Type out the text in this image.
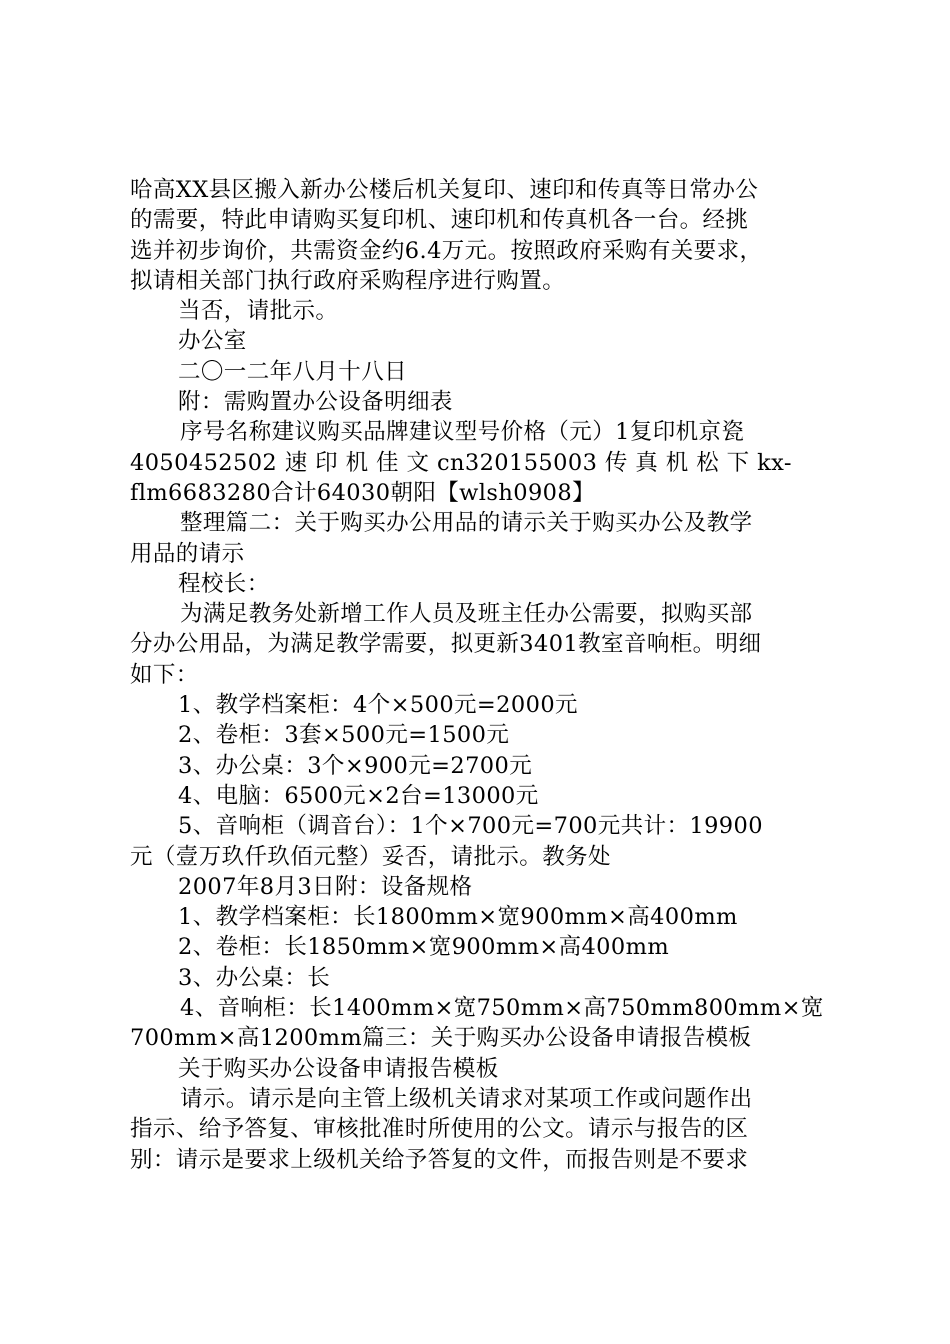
哈高XX县区搬入新办公楼后机关复印、速印和传真等日常办公
的需要，特此申请购买复印机、速印机和传真机各一台。经挑
选并初步询价，共需资金约6.4万元。按照政府采购有关要求，
拟请相关部门执行政府采购程序进行购置。
当否，请批示。
办公室
二〇一二年八月十八日
附：需购置办公设备明细表
序号名称建议购买品牌建议型号价格（元）1复印机京瓷
4050452502 速 印 机 佳 文 cn320155003 传 真 机 松 下 kx-
flm6683280合计64030朝阳【wlsh0908】
整理篇二：关于购买办公用品的请示关于购买办公及教学
用品的请示
程校长：
为满足教务处新增工作人员及班主任办公需要，拟购买部
分办公用品，为满足教学需要，拟更新3401教室音响柜。明细
如下：
1、教学档案柜：4个×500元=2000元
2、卷柜：3套×500元=1500元
3、办公桌：3个×900元=2700元
4、电脑：6500元×2台=13000元
5、音响柜（调音台）：1个×700元=700元共计：19900
元（壹万玖仟玖佰元整）妥否，请批示。教务处
2007年8月3日附：设备规格
1、教学档案柜：长1800mm×宽900mm×高400mm
2、卷柜：长1850mm×宽900mm×高400mm
3、办公桌：长
4、音响柜：长1400mm×宽750mm×高750mm800mm×宽
700mm×高1200mm篇三：关于购买办公设备申请报告模板
关于购买办公设备申请报告模板
请示。请示是向主管上级机关请求对某项工作或问题作出
指示、给予答复、审核批准时所使用的公文。请示与报告的区
别：请示是要求上级机关给予答复的文件，而报告则是不要求
